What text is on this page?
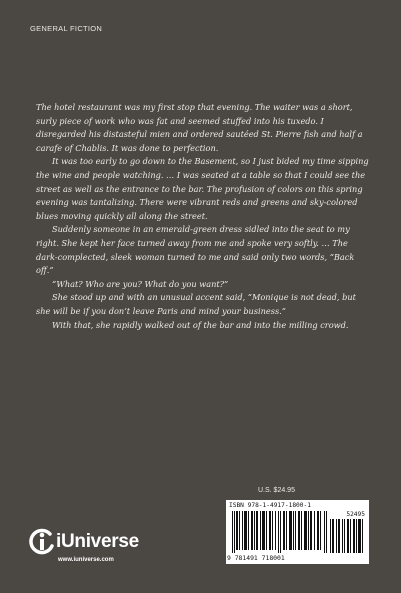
GENERAL FICTION

The hotel restaurant was my first stop that evening. The waiter was a short, surly piece of work who was fat and seemed stuffed into his tuxedo. I disregarded his distasteful mien and ordered sautéed St. Pierre fish and half a carafe of Chablis. It was done to perfection.

It was too early to go down to the Basement, so I just bided my time sipping the wine and people watching. … I was seated at a table so that I could see the street as well as the entrance to the bar. The profusion of colors on this spring evening was tantalizing. There were vibrant reds and greens and sky-colored blues moving quickly all along the street.

Suddenly someone in an emerald-green dress sidled into the seat to my right. She kept her face turned away from me and spoke very softly. … The dark-complected, sleek woman turned to me and said only two words, “Back off.”

“What? Who are you? What do you want?”

She stood up and with an unusual accent said, “Monique is not dead, but she will be if you don’t leave Paris and mind your business.”

With that, she rapidly walked out of the bar and into the milling crowd.

U.S. $24.95
ISBN 978-1-4917-1800-1
52495
9 781491 718001
iUniverse
www.iuniverse.com
